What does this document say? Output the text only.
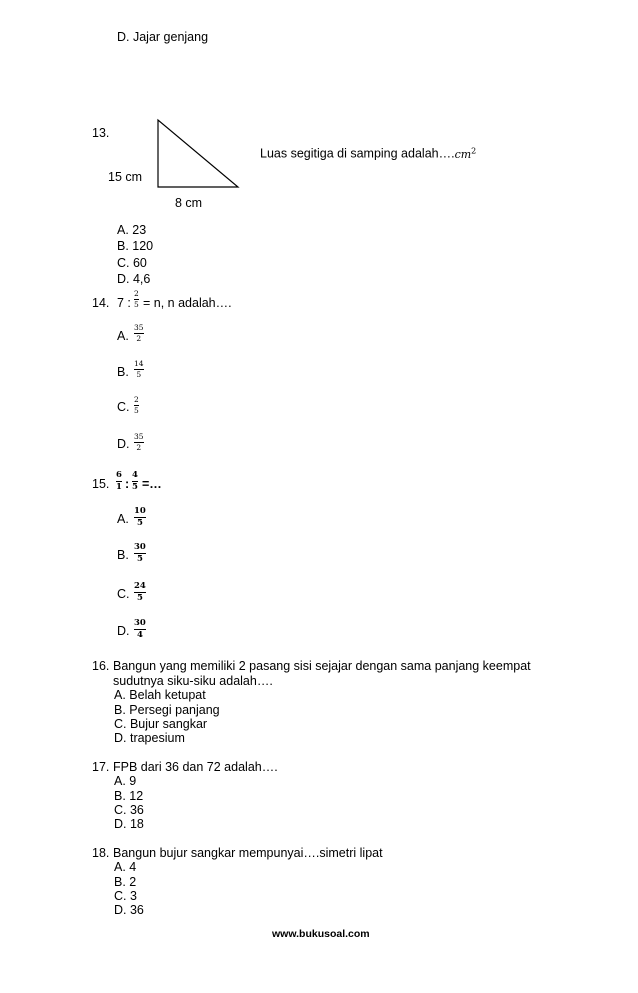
D. Jajar genjang
13.
15 cm
8 cm
Luas segitiga di samping $adalah\dots.cm^2$
A. 23
B. 120
C. 60
D. 4,6
14. 7 :
2
5 = n, n adalah….
A.
35
2
B.
14
5
C.
2
5
D.
35
2
15.
6
1 :
4
5 =…
A.
10
5
B.
30
5
C.
24
5
D.
30
4
16. Bangun yang memiliki 2 pasang sisi sejajar dengan sama panjang keempat
sudutnya siku-siku adalah….
A. Belah ketupat
B. Persegi panjang
C. Bujur sangkar
D. trapesium
17. FPB dari 36 dan 72 adalah….
A. 9
B. 12
C. 36
D. 18
18. Bangun bujur sangkar mempunyai….simetri lipat
A. 4
B. 2
C. 3
D. 36
www.bukusoal.com
